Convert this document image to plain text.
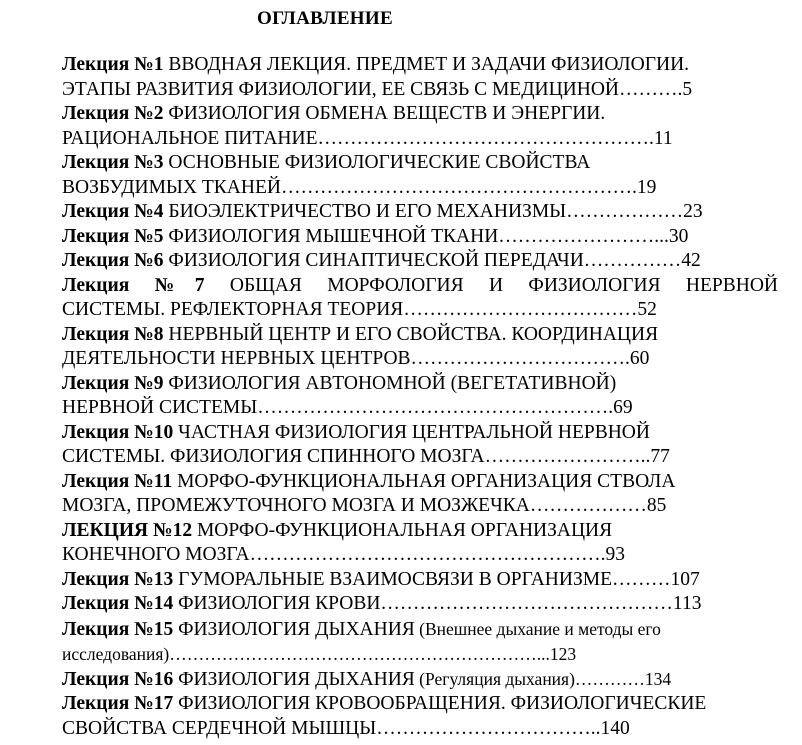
ОГЛАВЛЕНИЕ
Лекция №1 ВВОДНАЯ ЛЕКЦИЯ. ПРЕДМЕТ И ЗАДАЧИ ФИЗИОЛОГИИ.
ЭТАПЫ РАЗВИТИЯ ФИЗИОЛОГИИ, ЕЕ СВЯЗЬ С МЕДИЦИНОЙ……….5
Лекция №2 ФИЗИОЛОГИЯ ОБМЕНА ВЕЩЕСТВ И ЭНЕРГИИ.
РАЦИОНАЛЬНОЕ ПИТАНИЕ…………………………………………….11
Лекция №3 ОСНОВНЫЕ ФИЗИОЛОГИЧЕСКИЕ СВОЙСТВА
ВОЗБУДИМЫХ ТКАНЕЙ……………………………………………….19
Лекция №4 БИОЭЛЕКТРИЧЕСТВО И ЕГО МЕХАНИЗМЫ………………23
Лекция №5 ФИЗИОЛОГИЯ МЫШЕЧНОЙ ТКАНИ……………………...30
Лекция №6 ФИЗИОЛОГИЯ СИНАПТИЧЕСКОЙ ПЕРЕДАЧИ……………42
Лекция №7 ОБЩАЯ МОРФОЛОГИЯ И ФИЗИОЛОГИЯ НЕРВНОЙ
СИСТЕМЫ. РЕФЛЕКТОРНАЯ ТЕОРИЯ………………………………52
Лекция №8 НЕРВНЫЙ ЦЕНТР И ЕГО СВОЙСТВА. КООРДИНАЦИЯ
ДЕЯТЕЛЬНОСТИ НЕРВНЫХ ЦЕНТРОВ…………………………….60
Лекция №9 ФИЗИОЛОГИЯ АВТОНОМНОЙ (ВЕГЕТАТИВНОЙ)
НЕРВНОЙ СИСТЕМЫ……………………………………………….69
Лекция №10 ЧАСТНАЯ ФИЗИОЛОГИЯ ЦЕНТРАЛЬНОЙ НЕРВНОЙ
СИСТЕМЫ. ФИЗИОЛОГИЯ СПИННОГО МОЗГА……………………..77
Лекция №11 МОРФО-ФУНКЦИОНАЛЬНАЯ ОРГАНИЗАЦИЯ СТВОЛА
МОЗГА, ПРОМЕЖУТОЧНОГО МОЗГА И МОЗЖЕЧКА………………85
ЛЕКЦИЯ №12 МОРФО-ФУНКЦИОНАЛЬНАЯ ОРГАНИЗАЦИЯ
КОНЕЧНОГО МОЗГА……………………………………………….93
Лекция №13 ГУМОРАЛЬНЫЕ ВЗАИМОСВЯЗИ В ОРГАНИЗМЕ………107
Лекция №14 ФИЗИОЛОГИЯ КРОВИ………………………………………113
Лекция №15 ФИЗИОЛОГИЯ ДЫХАНИЯ (Внешнее дыхание и методы его
исследования)………………………………………………………...123
Лекция №16 ФИЗИОЛОГИЯ ДЫХАНИЯ (Регуляция дыхания)…………134
Лекция №17 ФИЗИОЛОГИЯ КРОВООБРАЩЕНИЯ. ФИЗИОЛОГИЧЕСКИЕ
СВОЙСТВА СЕРДЕЧНОЙ МЫШЦЫ……………………………..140
